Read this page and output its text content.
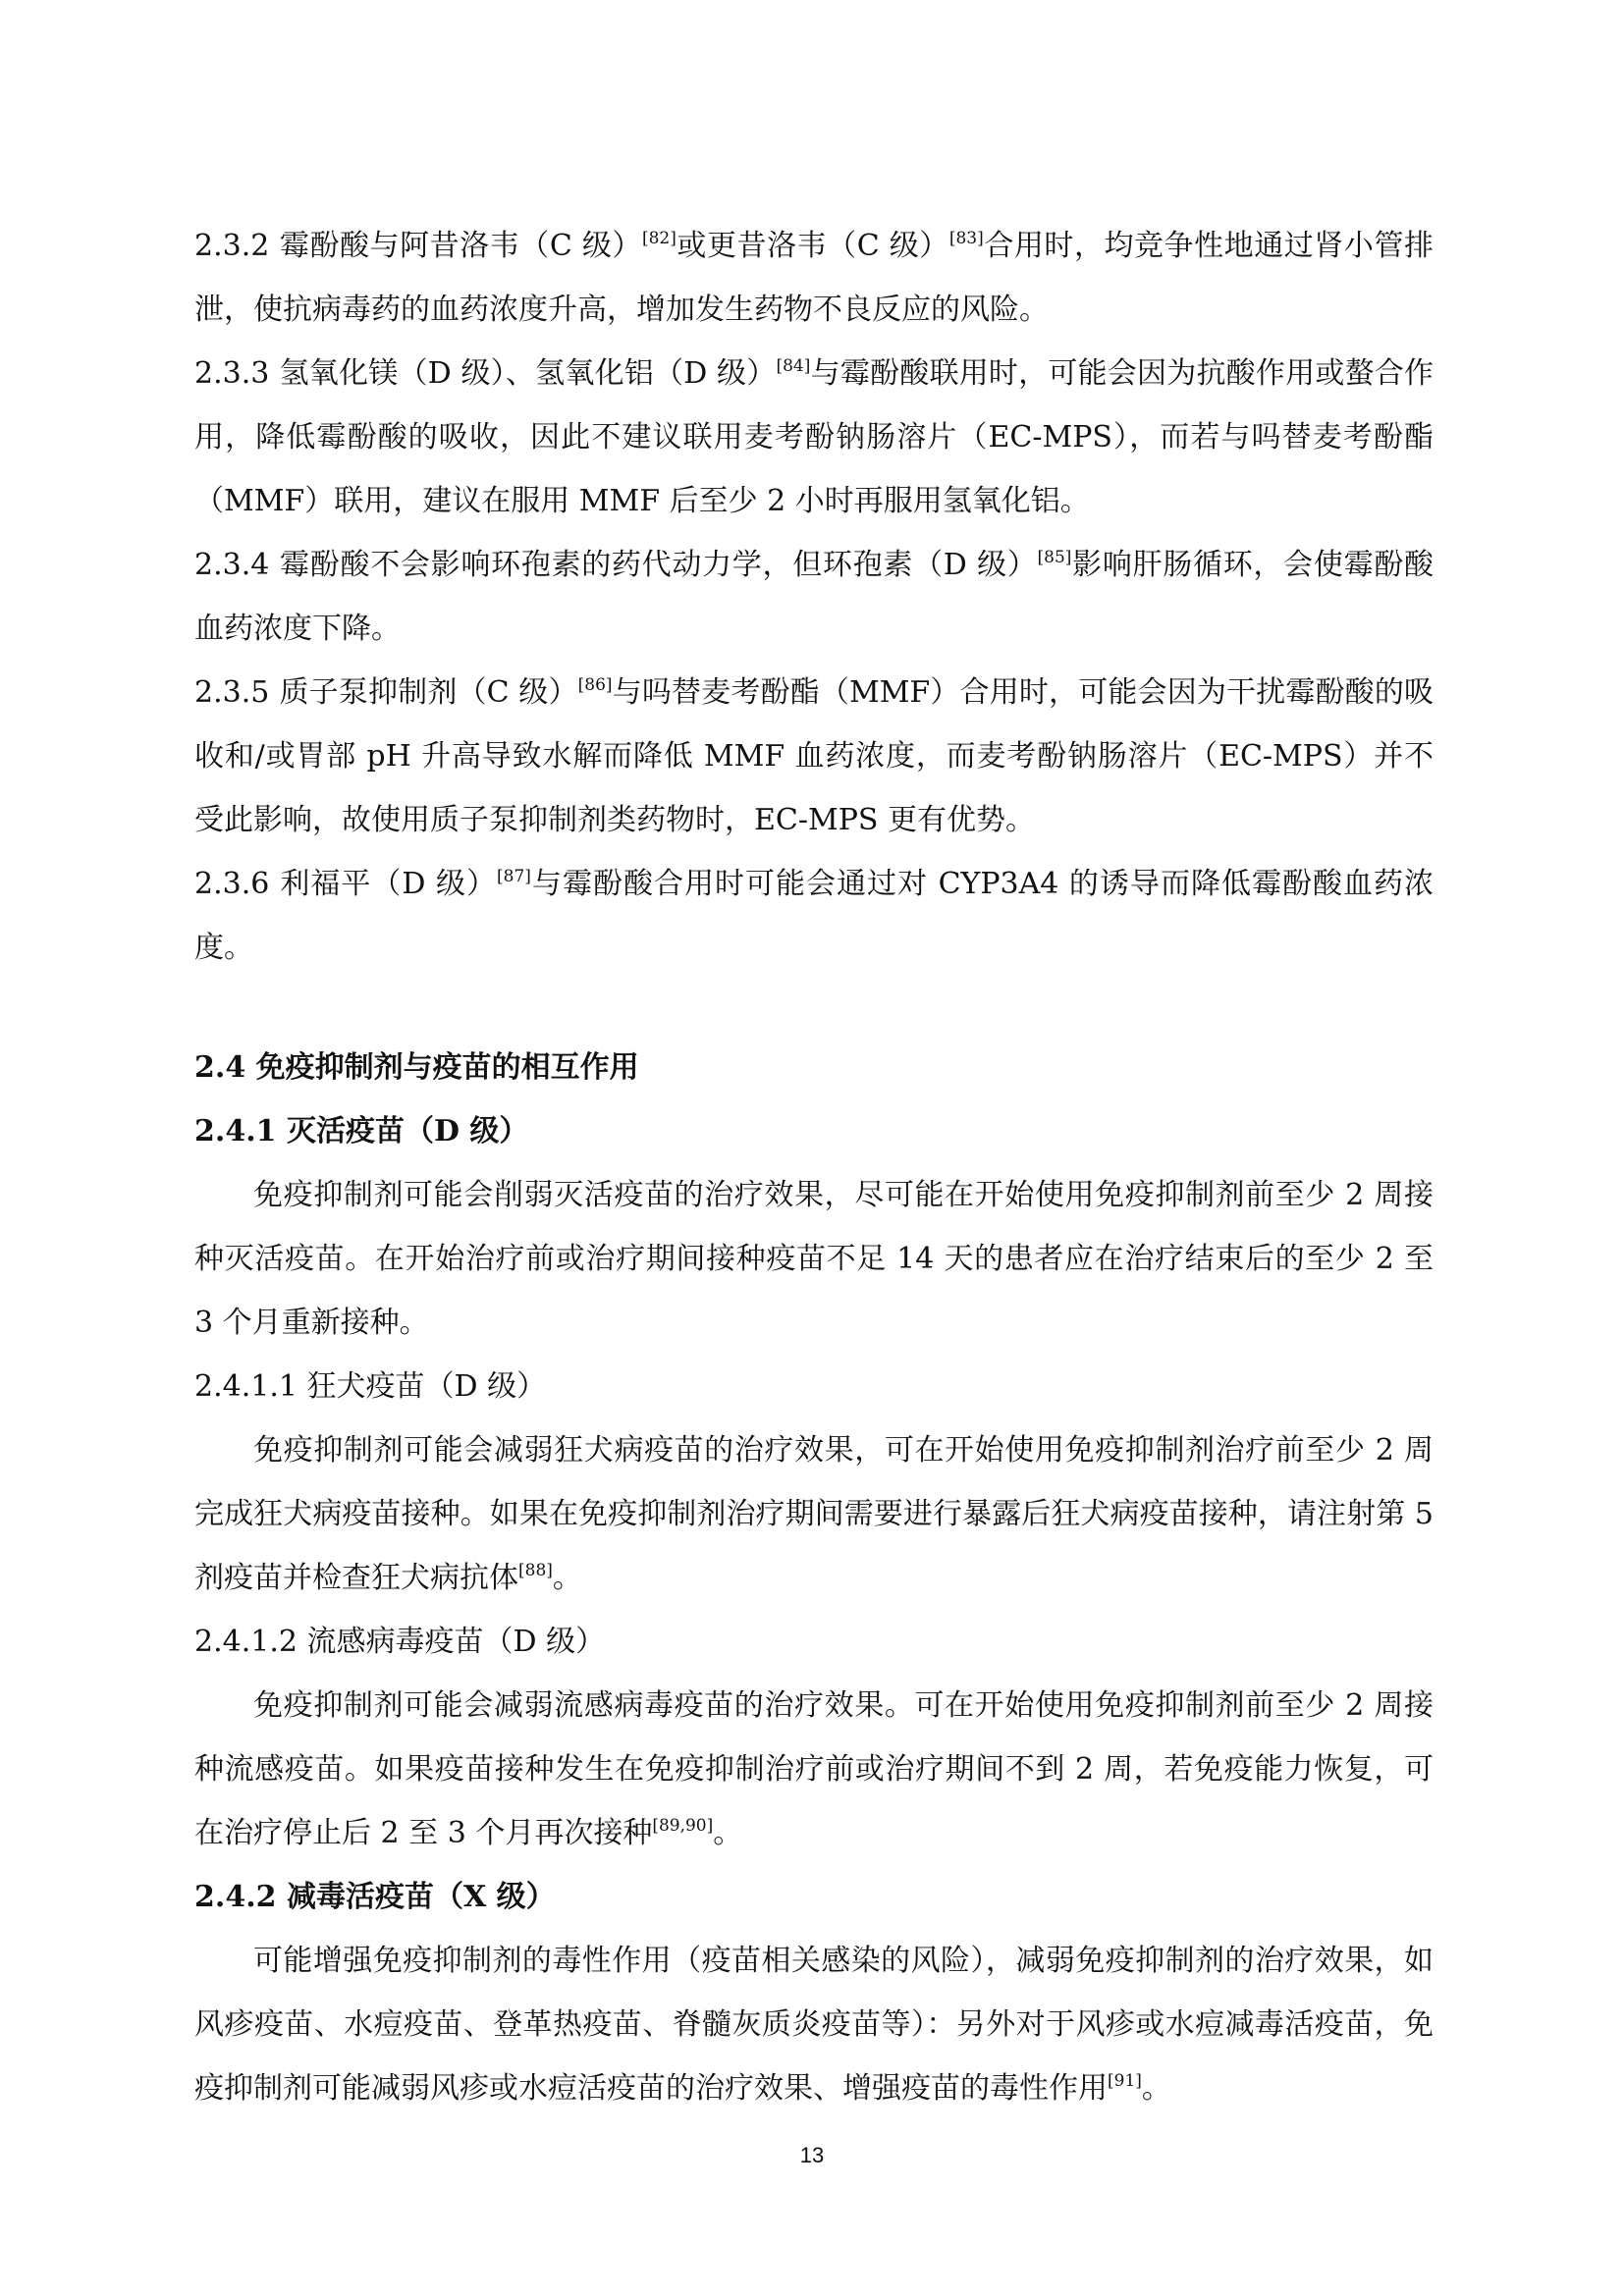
2.3.2 霉酚酸与阿昔洛韦（C 级）[82]或更昔洛韦（C 级）[83]合用时，均竞争性地通过肾小管排泄，使抗病毒药的血药浓度升高，增加发生药物不良反应的风险。

2.3.3 氢氧化镁（D 级）、氢氧化铝（D 级）[84]与霉酚酸联用时，可能会因为抗酸作用或螯合作用，降低霉酚酸的吸收，因此不建议联用麦考酚钠肠溶片（EC-MPS），而若与吗替麦考酚酯（MMF）联用，建议在服用 MMF 后至少 2 小时再服用氢氧化铝。

2.3.4 霉酚酸不会影响环孢素的药代动力学，但环孢素（D 级）[85]影响肝肠循环，会使霉酚酸血药浓度下降。

2.3.5 质子泵抑制剂（C 级）[86]与吗替麦考酚酯（MMF）合用时，可能会因为干扰霉酚酸的吸收和/或胃部 pH 升高导致水解而降低 MMF 血药浓度，而麦考酚钠肠溶片（EC-MPS）并不受此影响，故使用质子泵抑制剂类药物时，EC-MPS 更有优势。

2.3.6 利福平（D 级）[87]与霉酚酸合用时可能会通过对 CYP3A4 的诱导而降低霉酚酸血药浓度。

2.4 免疫抑制剂与疫苗的相互作用
2.4.1 灭活疫苗（D 级）

免疫抑制剂可能会削弱灭活疫苗的治疗效果，尽可能在开始使用免疫抑制剂前至少 2 周接种灭活疫苗。在开始治疗前或治疗期间接种疫苗不足 14 天的患者应在治疗结束后的至少 2 至 3 个月重新接种。

2.4.1.1 狂犬疫苗（D 级）

免疫抑制剂可能会减弱狂犬病疫苗的治疗效果，可在开始使用免疫抑制剂治疗前至少 2 周完成狂犬病疫苗接种。如果在免疫抑制剂治疗期间需要进行暴露后狂犬病疫苗接种，请注射第 5 剂疫苗并检查狂犬病抗体[88]。

2.4.1.2 流感病毒疫苗（D 级）

免疫抑制剂可能会减弱流感病毒疫苗的治疗效果。可在开始使用免疫抑制剂前至少 2 周接种流感疫苗。如果疫苗接种发生在免疫抑制治疗前或治疗期间不到 2 周，若免疫能力恢复，可在治疗停止后 2 至 3 个月再次接种[89,90]。

2.4.2 减毒活疫苗（X 级）

可能增强免疫抑制剂的毒性作用（疫苗相关感染的风险），减弱免疫抑制剂的治疗效果，如风疹疫苗、水痘疫苗、登革热疫苗、脊髓灰质炎疫苗等）：另外对于风疹或水痘减毒活疫苗，免疫抑制剂可能减弱风疹或水痘活疫苗的治疗效果、增强疫苗的毒性作用[91]。

13
